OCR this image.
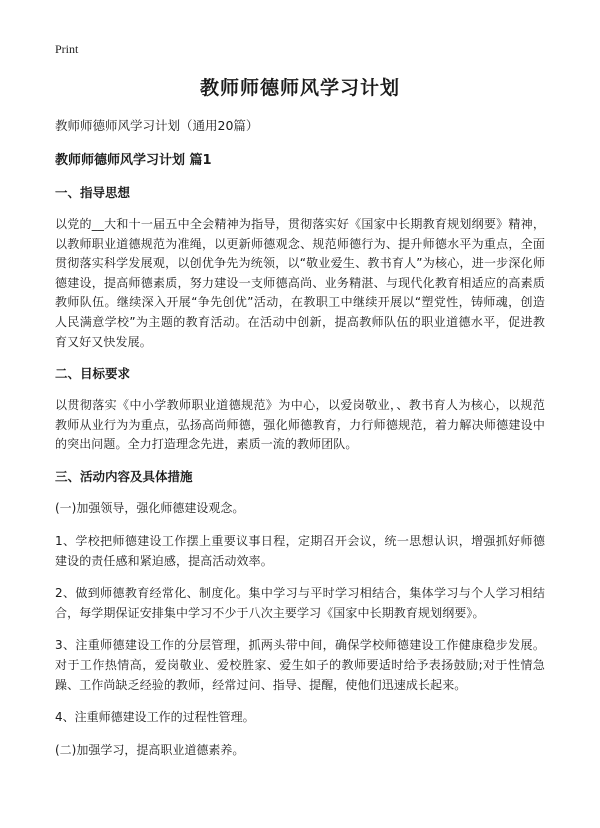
Print
教师师德师风学习计划
教师师德师风学习计划（通用20篇）
教师师德师风学习计划 篇1
一、指导思想
以党的__大和十一届五中全会精神为指导，贯彻落实好《国家中长期教育规划纲要》精神，以教师职业道德规范为准绳，以更新师德观念、规范师德行为、提升师德水平为重点，全面贯彻落实科学发展观，以创优争先为统领，以“敬业爱生、教书育人”为核心，进一步深化师德建设，提高师德素质，努力建设一支师德高尚、业务精湛、与现代化教育相适应的高素质教师队伍。继续深入开展“争先创优”活动，在教职工中继续开展以“塑党性，铸师魂，创造人民满意学校”为主题的教育活动。在活动中创新，提高教师队伍的职业道德水平，促进教育又好又快发展。
二、目标要求
以贯彻落实《中小学教师职业道德规范》为中心，以爱岗敬业，、教书育人为核心，以规范教师从业行为为重点，弘扬高尚师德，强化师德教育，力行师德规范，着力解决师德建设中的突出问题。全力打造理念先进，素质一流的教师团队。
三、活动内容及具体措施
(一)加强领导，强化师德建设观念。
1、学校把师德建设工作摆上重要议事日程，定期召开会议，统一思想认识，增强抓好师德建设的责任感和紧迫感，提高活动效率。
2、做到师德教育经常化、制度化。集中学习与平时学习相结合，集体学习与个人学习相结合，每学期保证安排集中学习不少于八次主要学习《国家中长期教育规划纲要》。
3、注重师德建设工作的分层管理，抓两头带中间，确保学校师德建设工作健康稳步发展。对于工作热情高，爱岗敬业、爱校胜家、爱生如子的教师要适时给予表扬鼓励;对于性情急躁、工作尚缺乏经验的教师，经常过问、指导、提醒，使他们迅速成长起来。
4、注重师德建设工作的过程性管理。
(二)加强学习，提高职业道德素养。
